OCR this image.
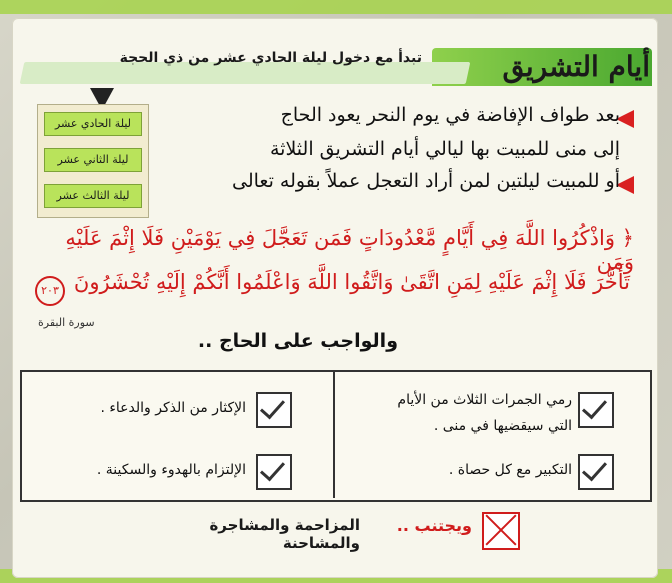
أيام التشريق
تبدأ مع دخول ليلة الحادي عشر من ذي الحجة
ليلة الحادي عشر
ليلة الثاني عشر
ليلة الثالث عشر
بعد طواف الإفاضة في يوم النحر يعود الحاج
إلى منى للمبيت بها ليالي أيام التشريق الثلاثة
أو للمبيت ليلتين لمن أراد التعجل عملاً بقوله تعالى
﴿ وَاذْكُرُوا اللَّهَ فِي أَيَّامٍ مَّعْدُودَاتٍ فَمَن تَعَجَّلَ فِي يَوْمَيْنِ فَلَا إِثْمَ عَلَيْهِ وَمَن
تَأَخَّرَ فَلَا إِثْمَ عَلَيْهِ لِمَنِ اتَّقَىٰ وَاتَّقُوا اللَّهَ وَاعْلَمُوا أَنَّكُمْ إِلَيْهِ تُحْشَرُونَ
٢٠٣
سورة البقرة
والواجب على الحاج ..
رمي الجمرات الثلاث من الأيام
التي سيقضيها في منى .
الإكثار من الذكر والدعاء .
التكبير مع كل حصاة .
الإلتزام بالهدوء والسكينة .
ويجتنب ..
المزاحمة والمشاجرة والمشاحنة
